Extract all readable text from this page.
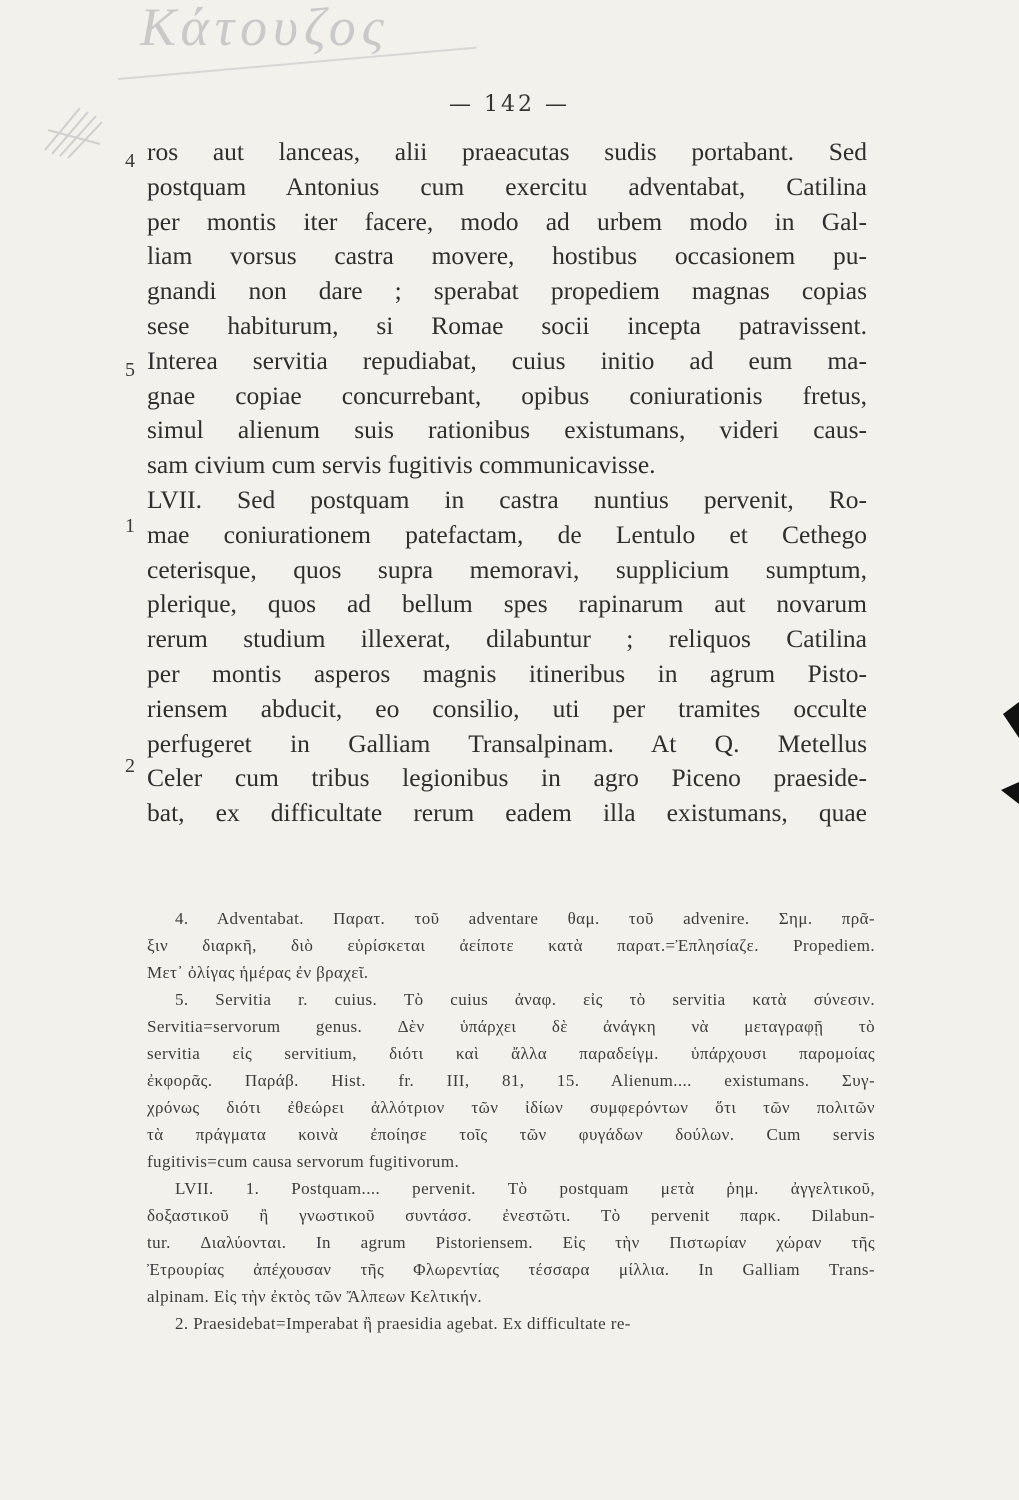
Κάτουζος
— 142 —
4
5
1
2
ros aut lanceas, alii praeacutas sudis portabant. Sed
postquam Antonius cum exercitu adventabat, Catilina
per montis iter facere, modo ad urbem modo in Gal-
liam vorsus castra movere, hostibus occasionem pu-
gnandi non dare ; sperabat propediem magnas copias
sese habiturum, si Romae socii incepta patravissent.
Interea servitia repudiabat, cuius initio ad eum ma-
gnae copiae concurrebant, opibus coniurationis fretus,
simul alienum suis rationibus existumans, videri caus-
sam civium cum servis fugitivis communicavisse.
LVII. Sed postquam in castra nuntius pervenit, Ro-
mae coniurationem patefactam, de Lentulo et Cethego
ceterisque, quos supra memoravi, supplicium sumptum,
plerique, quos ad bellum spes rapinarum aut novarum
rerum studium illexerat, dilabuntur ; reliquos Catilina
per montis asperos magnis itineribus in agrum Pisto-
riensem abducit, eo consilio, uti per tramites occulte
perfugeret in Galliam Transalpinam. At Q. Metellus
Celer cum tribus legionibus in agro Piceno praeside-
bat, ex difficultate rerum eadem illa existumans, quae
4. Adventabat. Παρατ. τοῦ adventare θαμ. τοῦ advenire. Σημ. πρᾶ-
ξιν διαρκῆ, διὸ εὑρίσκεται ἀείποτε κατὰ παρατ.=Ἐπλησίαζε. Propediem.
Μετ᾽ ὀλίγας ἡμέρας ἐν βραχεῖ.
5. Servitia r. cuius. Τὸ cuius ἀναφ. εἰς τὸ servitia κατὰ σύνεσιν.
Servitia=servorum genus. Δὲν ὑπάρχει δὲ ἀνάγκη νὰ μεταγραφῇ τὸ
servitia εἰς servitium, διότι καὶ ἄλλα παραδείγμ. ὑπάρχουσι παρομοίας
ἐκφορᾶς. Παράβ. Hist. fr. III, 81, 15. Alienum.... existumans. Συγ-
χρόνως διότι ἐθεώρει ἀλλότριον τῶν ἰδίων συμφερόντων ὅτι τῶν πολιτῶν
τὰ πράγματα κοινὰ ἐποίησε τοῖς τῶν φυγάδων δούλων. Cum servis
fugitivis=cum causa servorum fugitivorum.
LVII. 1. Postquam.... pervenit. Τὸ postquam μετὰ ῥημ. ἀγγελτικοῦ,
δοξαστικοῦ ἢ γνωστικοῦ συντάσσ. ἐνεστῶτι. Τὸ pervenit παρκ. Dilabun-
tur. Διαλύονται. In agrum Pistoriensem. Εἰς τὴν Πιστωρίαν χώραν τῆς
Ἐτρουρίας ἀπέχουσαν τῆς Φλωρεντίας τέσσαρα μίλλια. In Galliam Trans-
alpinam. Εἰς τὴν ἐκτὸς τῶν Ἄλπεων Κελτικήν.
2. Praesidebat=Imperabat ἢ praesidia agebat. Ex difficultate re-
